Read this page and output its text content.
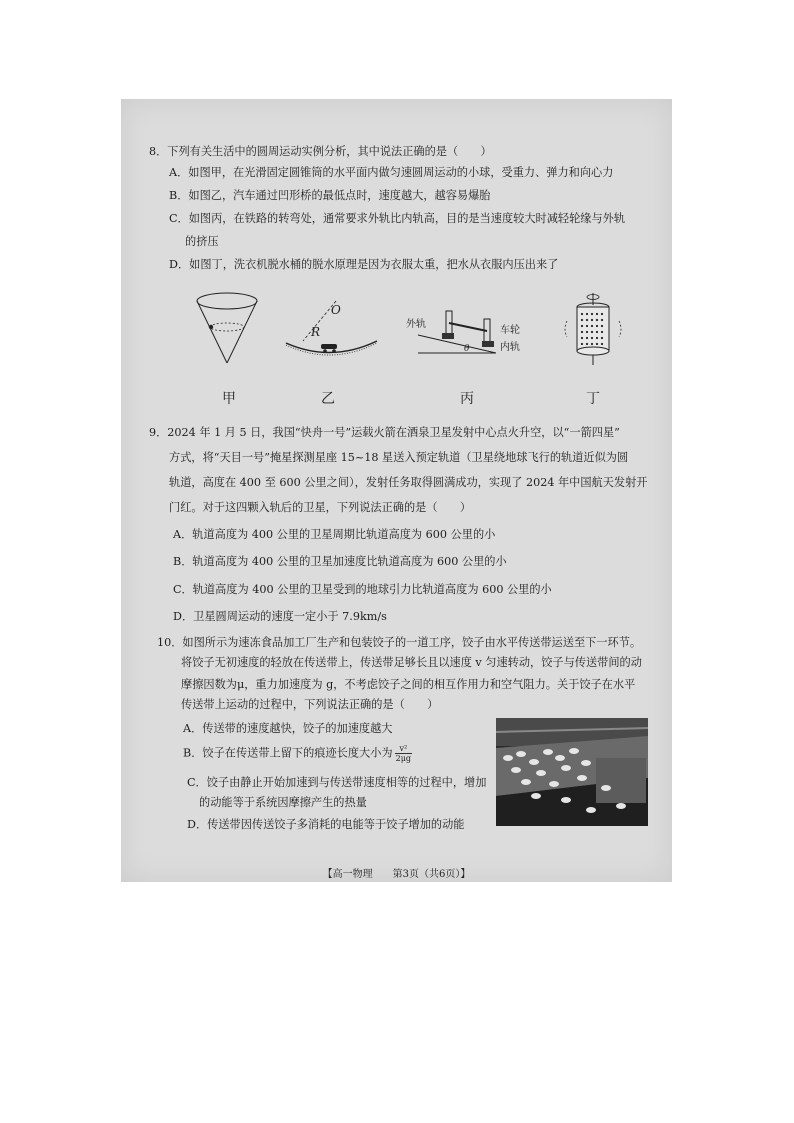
8．下列有关生活中的圆周运动实例分析，其中说法正确的是（　　）
A．如图甲，在光滑固定圆锥筒的水平面内做匀速圆周运动的小球，受重力、弹力和向心力
B．如图乙，汽车通过凹形桥的最低点时，速度越大，越容易爆胎
C．如图丙，在铁路的转弯处，通常要求外轨比内轨高，目的是当速度较大时减轻轮缘与外轨
的挤压
D．如图丁，洗衣机脱水桶的脱水原理是因为衣服太重，把水从衣服内压出来了
O
R
外轨
车轮
内轨
θ
甲	乙	丙	丁
9．2024 年 1 月 5 日，我国“快舟一号”运载火箭在酒泉卫星发射中心点火升空，以“一箭四星”
方式，将“天目一号”掩星探测星座 15~18 星送入预定轨道（卫星绕地球飞行的轨道近似为圆
轨道，高度在 400 至 600 公里之间），发射任务取得圆满成功，实现了 2024 年中国航天发射开
门红。对于这四颗入轨后的卫星，下列说法正确的是（　　）
A．轨道高度为 400 公里的卫星周期比轨道高度为 600 公里的小
B．轨道高度为 400 公里的卫星加速度比轨道高度为 600 公里的小
C．轨道高度为 400 公里的卫星受到的地球引力比轨道高度为 600 公里的小
D．卫星圆周运动的速度一定小于 7.9km/s
10．如图所示为速冻食品加工厂生产和包装饺子的一道工序，饺子由水平传送带运送至下一环节。
将饺子无初速度的轻放在传送带上，传送带足够长且以速度 v 匀速转动，饺子与传送带间的动
摩擦因数为μ，重力加速度为 g，不考虑饺子之间的相互作用力和空气阻力。关于饺子在水平
传送带上运动的过程中，下列说法正确的是（　　）
A．传送带的速度越快，饺子的加速度越大
B．饺子在传送带上留下的痕迹长度大小为 $\frac{\text{v²}}{2\mu g}$
C．饺子由静止开始加速到与传送带速度相等的过程中，增加
的动能等于系统因摩擦产生的热量
D．传送带因传送饺子多消耗的电能等于饺子增加的动能
【高一物理　　第3页（共6页）】
